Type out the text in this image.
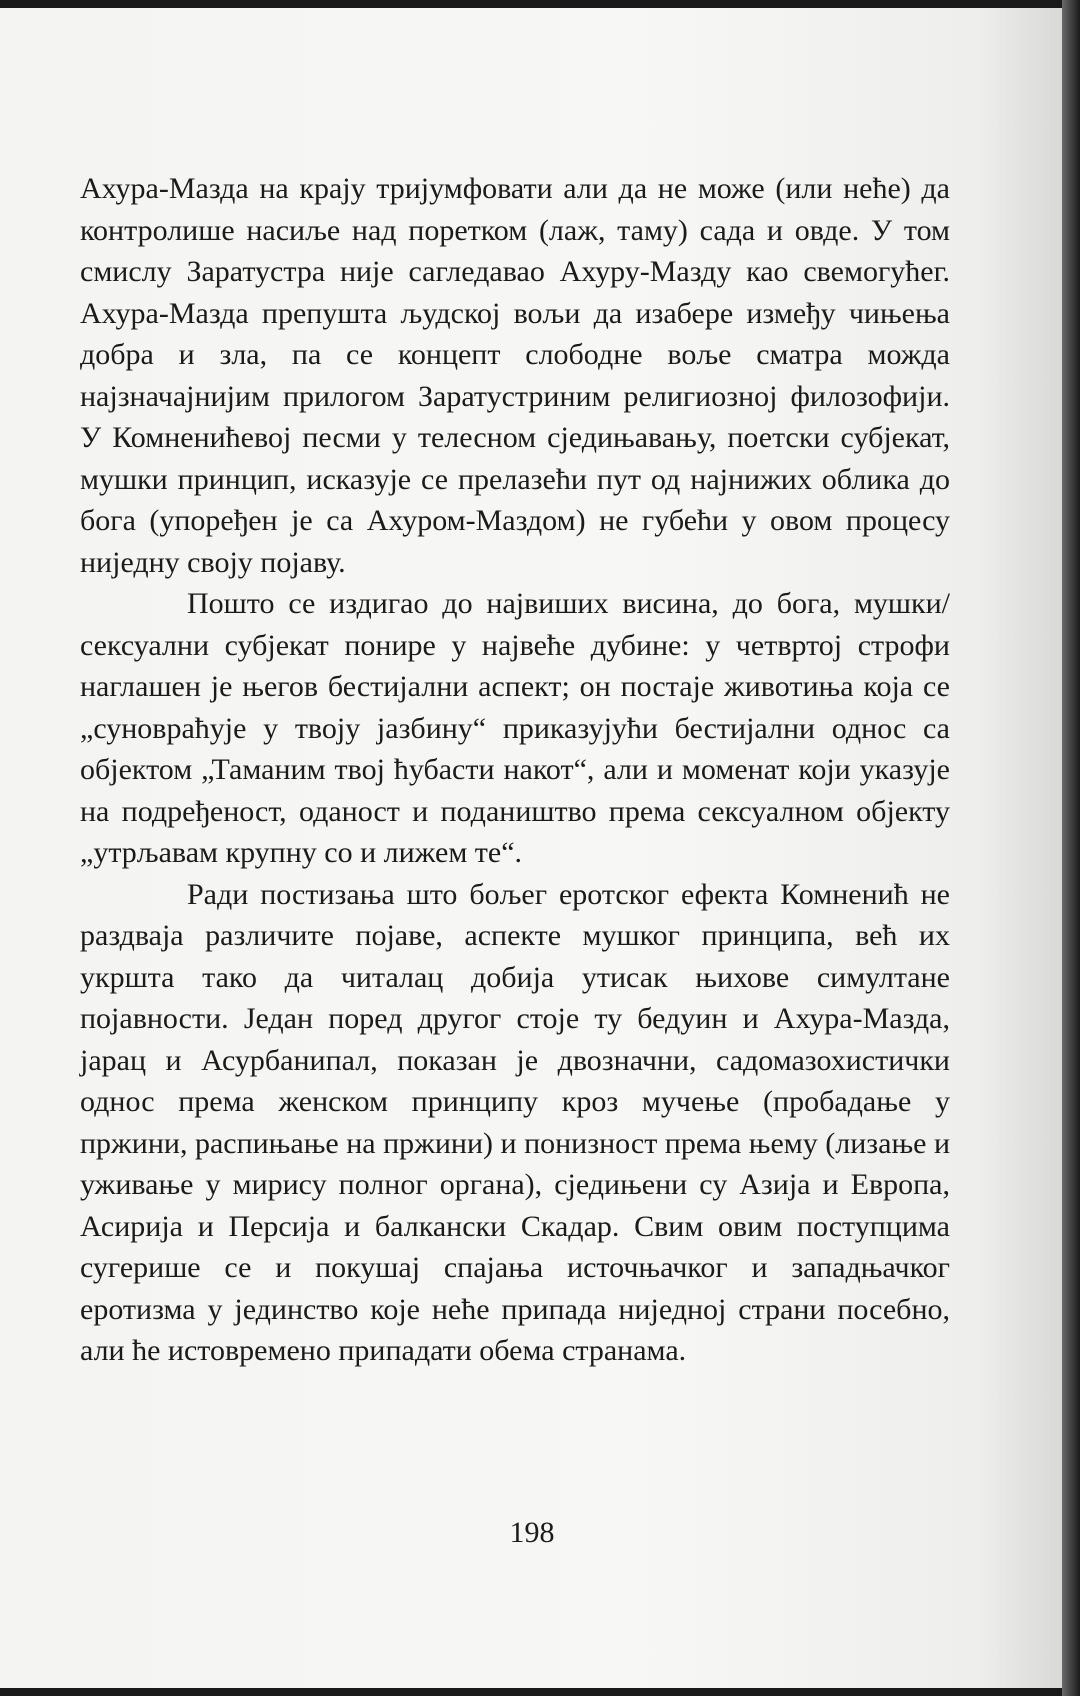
Ахура-Мазда на крају тријумфовати али да не може (или неће) да контролише насиље над поретком (лаж, таму) сада и овде. У том смислу Заратустра није сагледавао Ахуру-Мазду као свемогућег. Ахура-Мазда препушта људској вољи да изабере између чињења добра и зла, па се концепт слободне воље сматра можда најзначајнијим прилогом Заратустриним религиозној филозофији. У Комненићевој песми у телесном сједињавању, поетски субјекат, мушки принцип, исказује се прелазећи пут од најнижих облика до бога (упоређен је са Ахуром-Маздом) не губећи у овом процесу ниједну своју појаву.

Пошто се издигао до највиших висина, до бога, мушки/сексуални субјекат понире у највеће дубине: у четвртој строфи наглашен је његов бестијални аспект; он постаје животиња која се „суновраћује у твоју јазбину“ приказујући бестијални однос са објектом „Таманим твој ћубасти накот“, али и моменат који указује на подређеност, оданост и подаништво према сексуалном објекту „утрљавам крупну со и лижем те“.

Ради постизања што бољег еротског ефекта Комненић не раздваја различите појаве, аспекте мушког принципа, већ их укршта тако да читалац добија утисак њихове симултане појавности. Један поред другог стоје ту бедуин и Ахура-Мазда, јарац и Асурбанипал, показан је двозначни, садомазохистички однос према женском принципу кроз мучење (пробадање у пржини, распињање на пржини) и понизност према њему (лизање и уживање у мирису полног органа), сједињени су Азија и Европа, Асирија и Персија и балкански Скадар. Свим овим поступцима сугерише се и покушај спајања источњачког и западњачког еротизма у јединство које неће припада ниједној страни посебно, али ће истовремено припадати обема странама.

198
